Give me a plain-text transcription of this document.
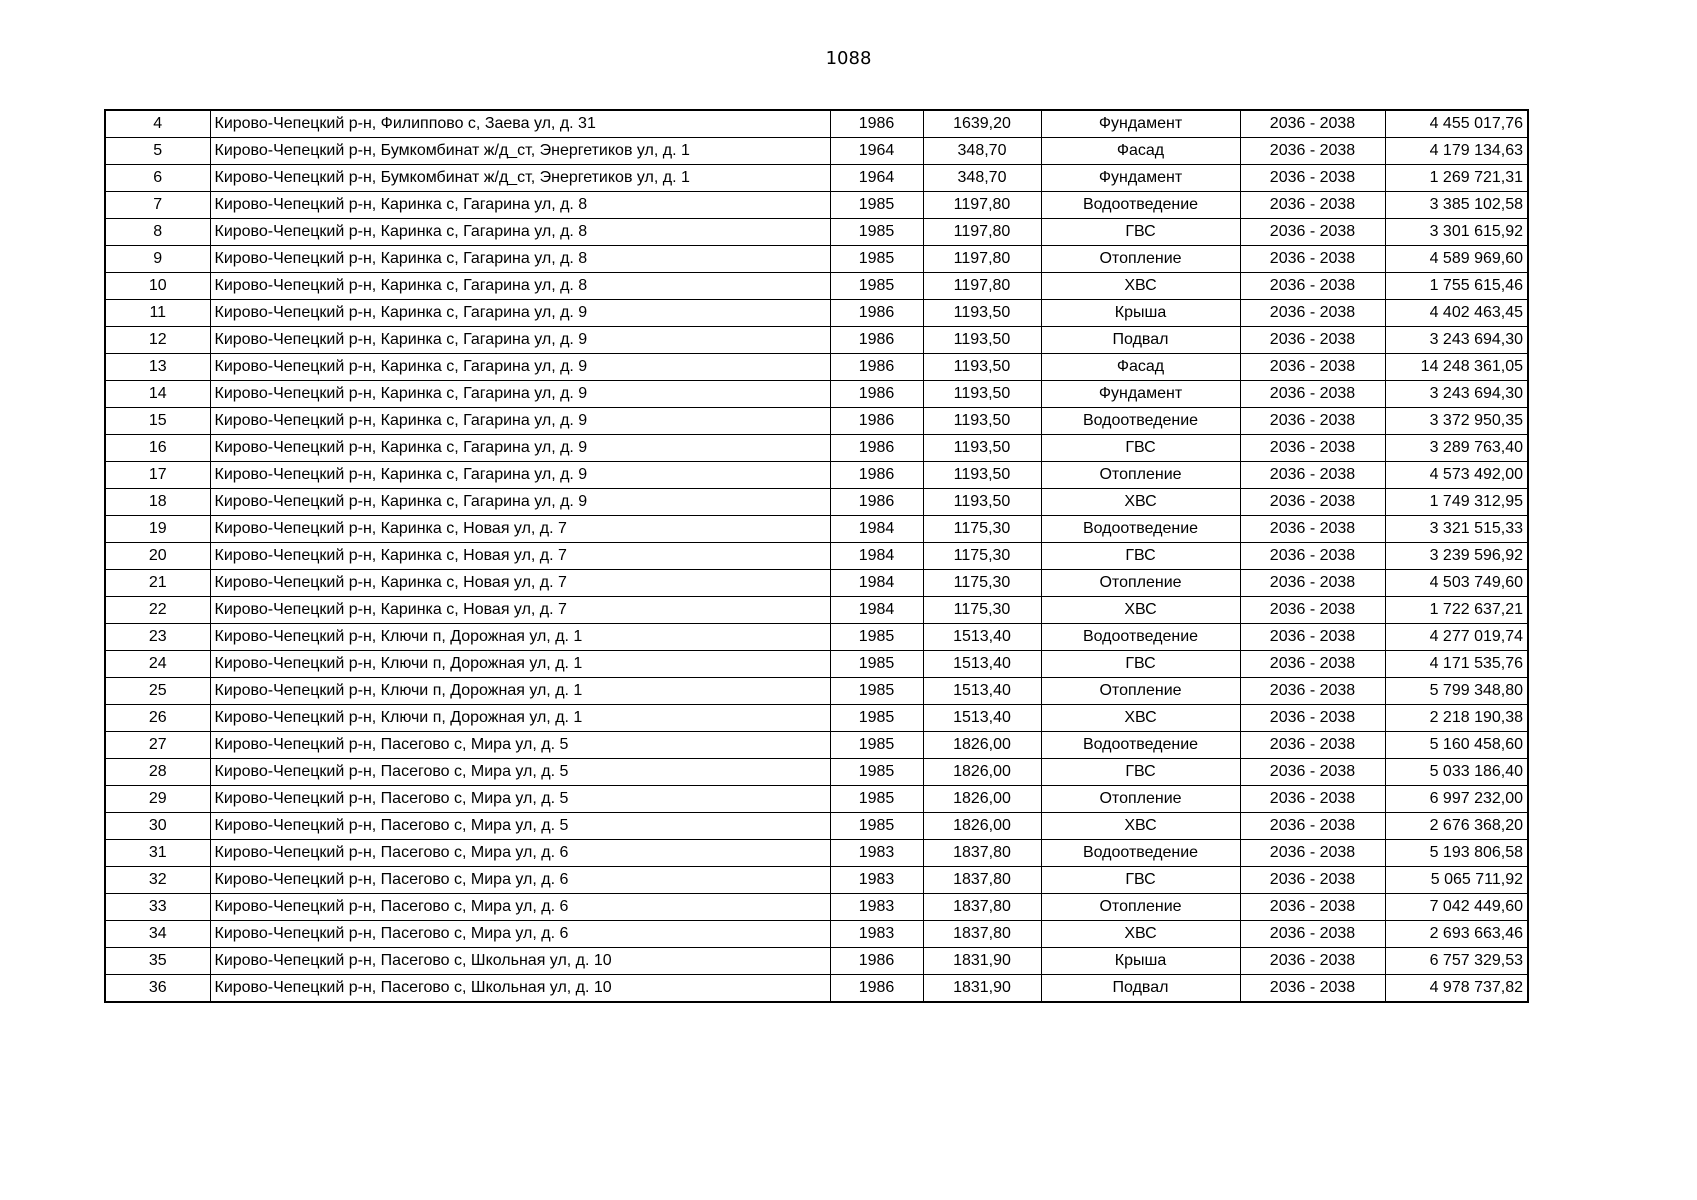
1088
4	Кирово-Чепецкий р-н, Филиппово с, Заева ул, д. 31	1986	1639,20	Фундамент	2036 - 2038	4 455 017,76
5	Кирово-Чепецкий р-н, Бумкомбинат ж/д_ст, Энергетиков ул, д. 1	1964	348,70	Фасад	2036 - 2038	4 179 134,63
6	Кирово-Чепецкий р-н, Бумкомбинат ж/д_ст, Энергетиков ул, д. 1	1964	348,70	Фундамент	2036 - 2038	1 269 721,31
7	Кирово-Чепецкий р-н, Каринка с, Гагарина ул, д. 8	1985	1197,80	Водоотведение	2036 - 2038	3 385 102,58
8	Кирово-Чепецкий р-н, Каринка с, Гагарина ул, д. 8	1985	1197,80	ГВС	2036 - 2038	3 301 615,92
9	Кирово-Чепецкий р-н, Каринка с, Гагарина ул, д. 8	1985	1197,80	Отопление	2036 - 2038	4 589 969,60
10	Кирово-Чепецкий р-н, Каринка с, Гагарина ул, д. 8	1985	1197,80	ХВС	2036 - 2038	1 755 615,46
11	Кирово-Чепецкий р-н, Каринка с, Гагарина ул, д. 9	1986	1193,50	Крыша	2036 - 2038	4 402 463,45
12	Кирово-Чепецкий р-н, Каринка с, Гагарина ул, д. 9	1986	1193,50	Подвал	2036 - 2038	3 243 694,30
13	Кирово-Чепецкий р-н, Каринка с, Гагарина ул, д. 9	1986	1193,50	Фасад	2036 - 2038	14 248 361,05
14	Кирово-Чепецкий р-н, Каринка с, Гагарина ул, д. 9	1986	1193,50	Фундамент	2036 - 2038	3 243 694,30
15	Кирово-Чепецкий р-н, Каринка с, Гагарина ул, д. 9	1986	1193,50	Водоотведение	2036 - 2038	3 372 950,35
16	Кирово-Чепецкий р-н, Каринка с, Гагарина ул, д. 9	1986	1193,50	ГВС	2036 - 2038	3 289 763,40
17	Кирово-Чепецкий р-н, Каринка с, Гагарина ул, д. 9	1986	1193,50	Отопление	2036 - 2038	4 573 492,00
18	Кирово-Чепецкий р-н, Каринка с, Гагарина ул, д. 9	1986	1193,50	ХВС	2036 - 2038	1 749 312,95
19	Кирово-Чепецкий р-н, Каринка с, Новая ул, д. 7	1984	1175,30	Водоотведение	2036 - 2038	3 321 515,33
20	Кирово-Чепецкий р-н, Каринка с, Новая ул, д. 7	1984	1175,30	ГВС	2036 - 2038	3 239 596,92
21	Кирово-Чепецкий р-н, Каринка с, Новая ул, д. 7	1984	1175,30	Отопление	2036 - 2038	4 503 749,60
22	Кирово-Чепецкий р-н, Каринка с, Новая ул, д. 7	1984	1175,30	ХВС	2036 - 2038	1 722 637,21
23	Кирово-Чепецкий р-н, Ключи п, Дорожная ул, д. 1	1985	1513,40	Водоотведение	2036 - 2038	4 277 019,74
24	Кирово-Чепецкий р-н, Ключи п, Дорожная ул, д. 1	1985	1513,40	ГВС	2036 - 2038	4 171 535,76
25	Кирово-Чепецкий р-н, Ключи п, Дорожная ул, д. 1	1985	1513,40	Отопление	2036 - 2038	5 799 348,80
26	Кирово-Чепецкий р-н, Ключи п, Дорожная ул, д. 1	1985	1513,40	ХВС	2036 - 2038	2 218 190,38
27	Кирово-Чепецкий р-н, Пасегово с, Мира ул, д. 5	1985	1826,00	Водоотведение	2036 - 2038	5 160 458,60
28	Кирово-Чепецкий р-н, Пасегово с, Мира ул, д. 5	1985	1826,00	ГВС	2036 - 2038	5 033 186,40
29	Кирово-Чепецкий р-н, Пасегово с, Мира ул, д. 5	1985	1826,00	Отопление	2036 - 2038	6 997 232,00
30	Кирово-Чепецкий р-н, Пасегово с, Мира ул, д. 5	1985	1826,00	ХВС	2036 - 2038	2 676 368,20
31	Кирово-Чепецкий р-н, Пасегово с, Мира ул, д. 6	1983	1837,80	Водоотведение	2036 - 2038	5 193 806,58
32	Кирово-Чепецкий р-н, Пасегово с, Мира ул, д. 6	1983	1837,80	ГВС	2036 - 2038	5 065 711,92
33	Кирово-Чепецкий р-н, Пасегово с, Мира ул, д. 6	1983	1837,80	Отопление	2036 - 2038	7 042 449,60
34	Кирово-Чепецкий р-н, Пасегово с, Мира ул, д. 6	1983	1837,80	ХВС	2036 - 2038	2 693 663,46
35	Кирово-Чепецкий р-н, Пасегово с, Школьная ул, д. 10	1986	1831,90	Крыша	2036 - 2038	6 757 329,53
36	Кирово-Чепецкий р-н, Пасегово с, Школьная ул, д. 10	1986	1831,90	Подвал	2036 - 2038	4 978 737,82
